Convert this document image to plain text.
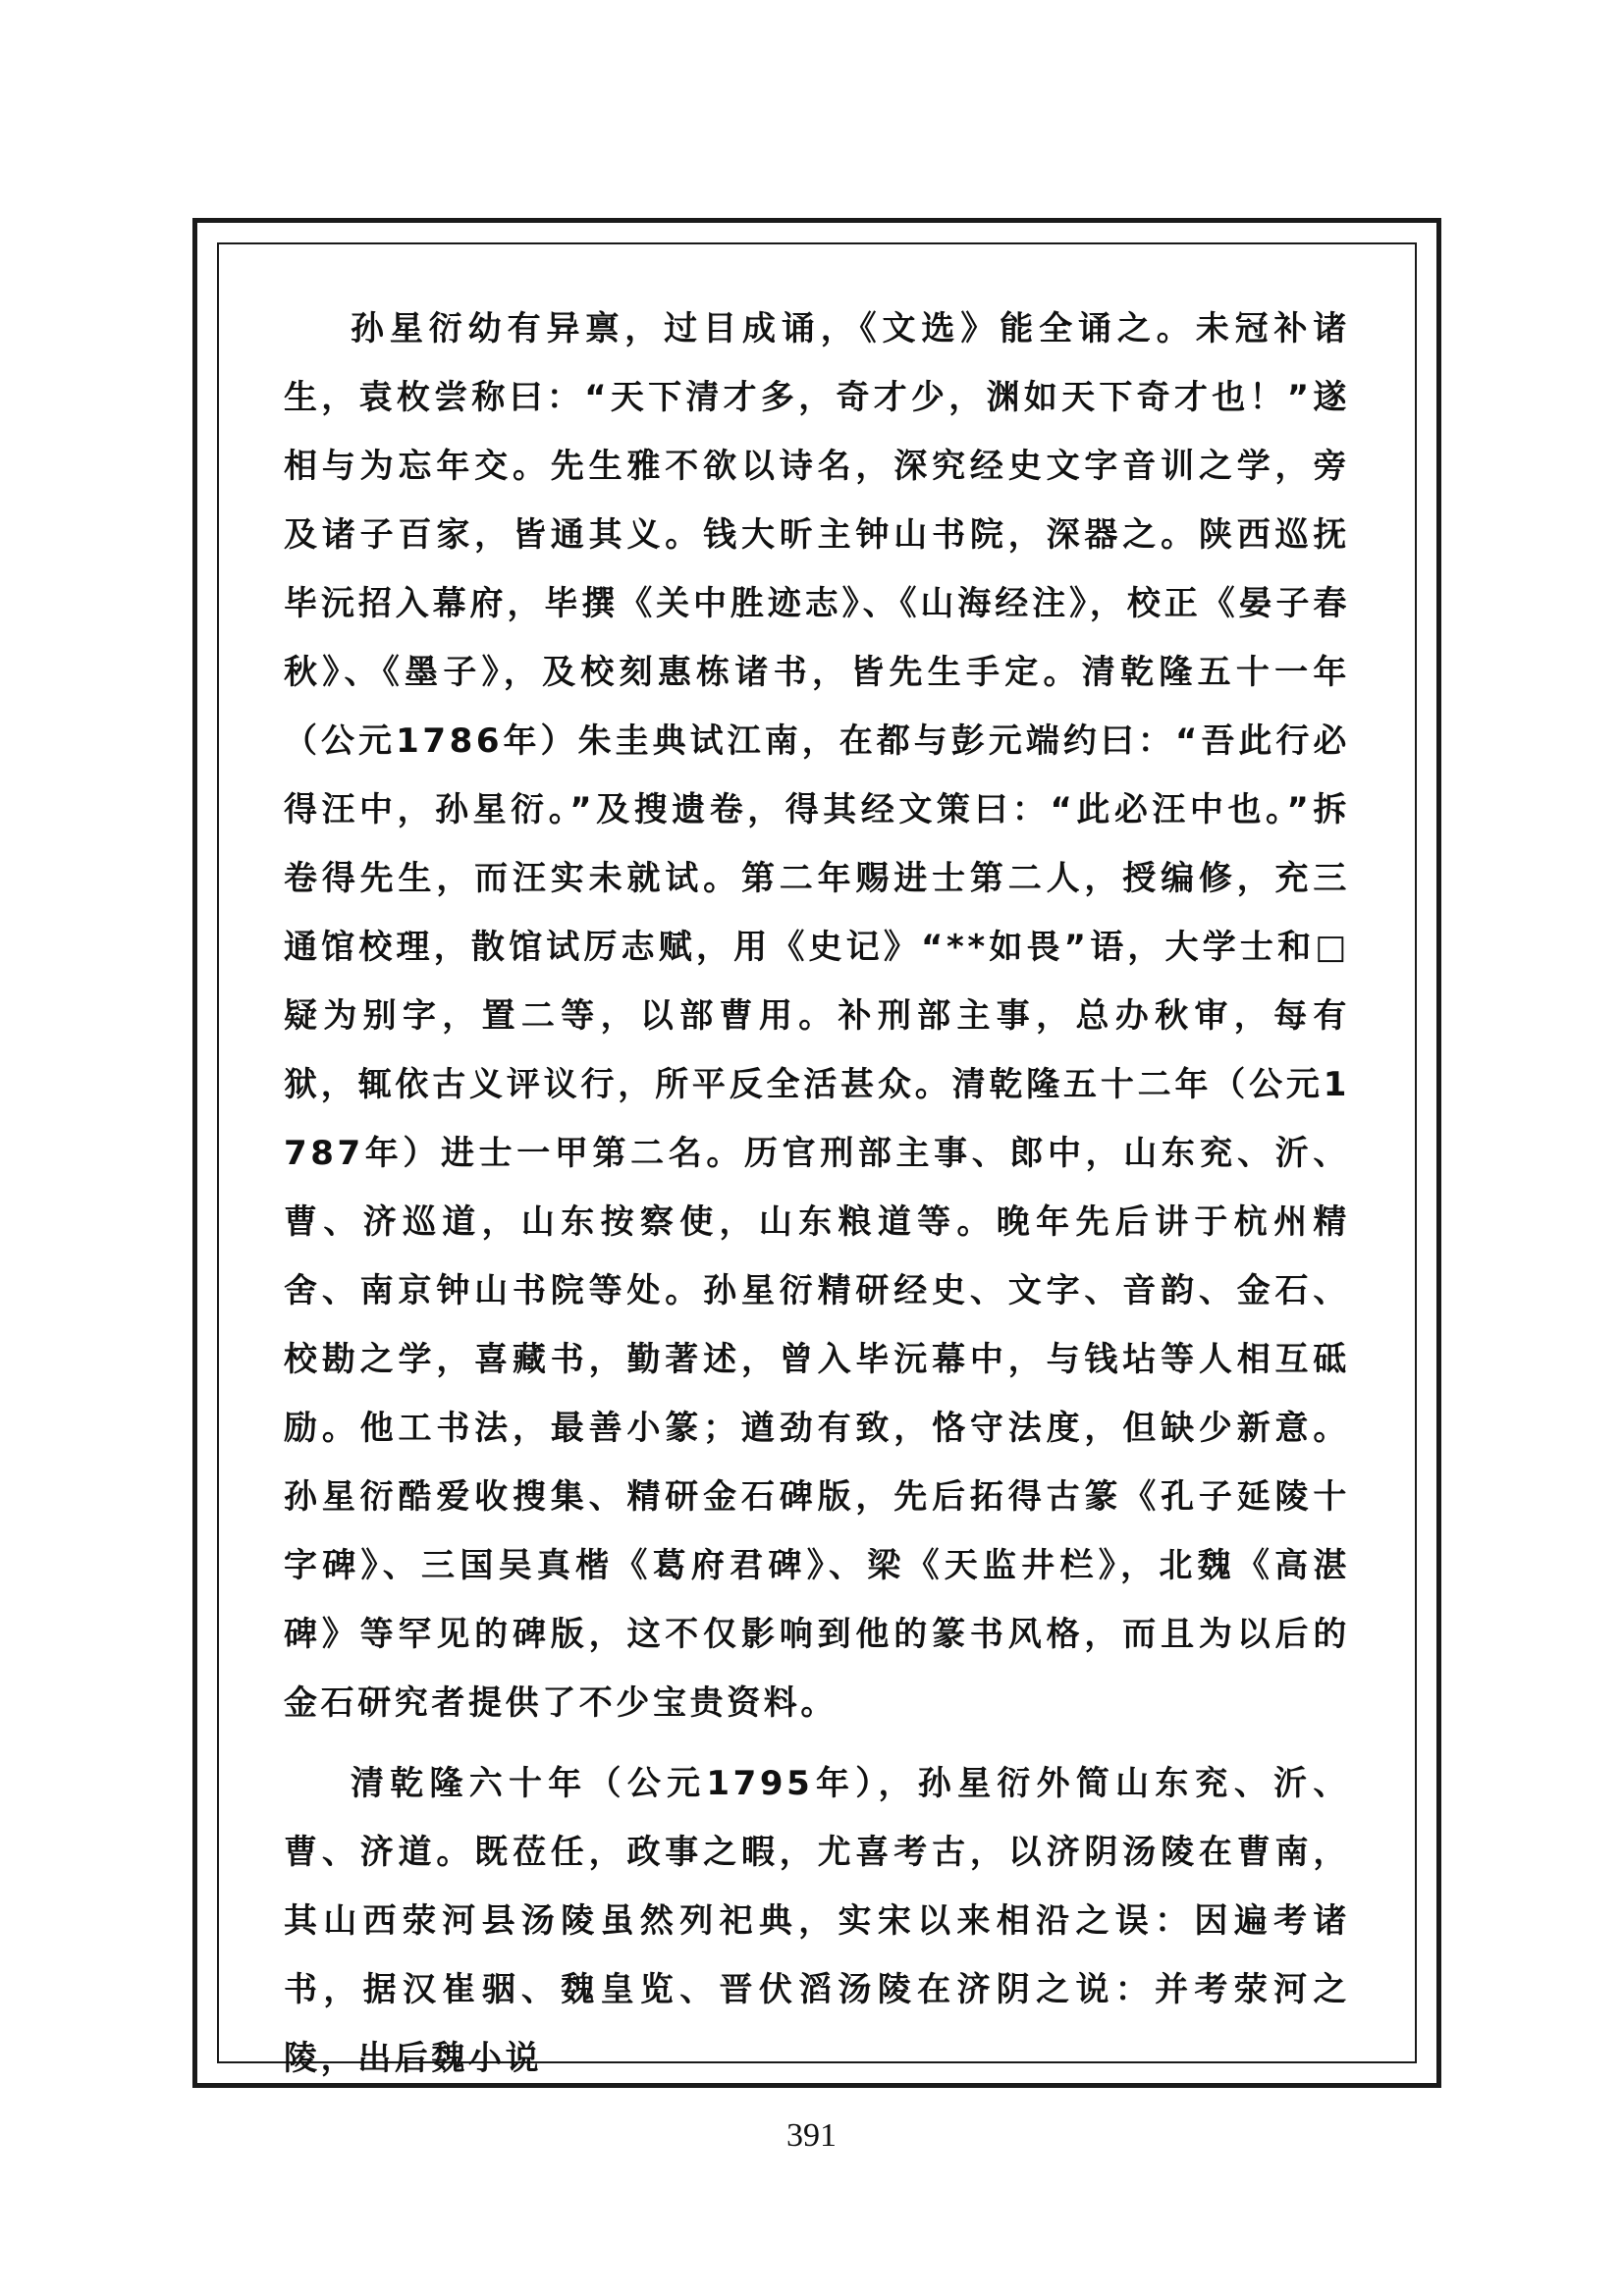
孙星衍幼有异禀，过目成诵，《文选》能全诵之。未冠补诸生，袁枚尝称曰：“天下清才多，奇才少，渊如天下奇才也！”遂相与为忘年交。先生雅不欲以诗名，深究经史文字音训之学，旁及诸子百家，皆通其义。钱大昕主钟山书院，深器之。陕西巡抚毕沅招入幕府，毕撰《关中胜迹志》、《山海经注》，校正《晏子春秋》、《墨子》，及校刻惠栋诸书，皆先生手定。清乾隆五十一年（公元1786年）朱圭典试江南，在都与彭元端约曰：“吾此行必得汪中，孙星衍。”及搜遗卷，得其经文策曰：“此必汪中也。”拆卷得先生，而汪实未就试。第二年赐进士第二人，授编修，充三通馆校理，散馆试厉志赋，用《史记》“**如畏”语，大学士和□疑为别字，置二等，以部曹用。补刑部主事，总办秋审，每有狱，辄依古义评议行，所平反全活甚众。清乾隆五十二年（公元1787年）进士一甲第二名。历官刑部主事、郎中，山东兖、沂、曹、济巡道，山东按察使，山东粮道等。晚年先后讲于杭州精舍、南京钟山书院等处。孙星衍精研经史、文字、音韵、金石、校勘之学，喜藏书，勤著述，曾入毕沅幕中，与钱坫等人相互砥励。他工书法，最善小篆；遒劲有致，恪守法度，但缺少新意。孙星衍酷爱收搜集、精研金石碑版，先后拓得古篆《孔子延陵十字碑》、三国吴真楷《葛府君碑》、梁《天监井栏》，北魏《高湛碑》等罕见的碑版，这不仅影响到他的篆书风格，而且为以后的金石研究者提供了不少宝贵资料。

清乾隆六十年（公元1795年），孙星衍外简山东兖、沂、曹、济道。既莅任，政事之暇，尤喜考古，以济阴汤陵在曹南，其山西荥河县汤陵虽然列祀典，实宋以来相沿之误：因遍考诸书，据汉崔骃、魏皇览、晋伏滔汤陵在济阴之说：并考荥河之陵，出后魏小说

391
